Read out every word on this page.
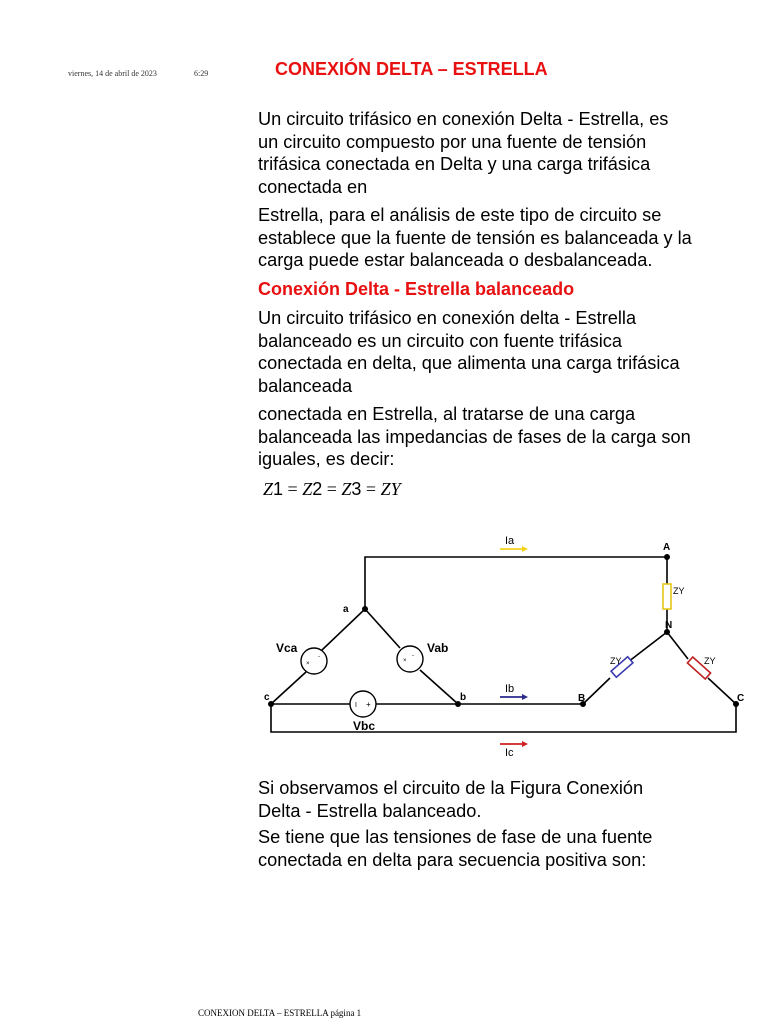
viernes, 14 de abril de 2023	6:29	CONEXIÓN DELTA – ESTRELLA
Un circuito trifásico en conexión Delta - Estrella, es
un circuito compuesto por una fuente de tensión
trifásica conectada en Delta y una carga trifásica
conectada en
Estrella, para el análisis de este tipo de circuito se
establece que la fuente de tensión es balanceada y la
carga puede estar balanceada o desbalanceada.
Conexión Delta - Estrella balanceado
Un circuito trifásico en conexión delta - Estrella
balanceado es un circuito con fuente trifásica
conectada en delta, que alimenta una carga trifásica
balanceada
conectada en Estrella, al tratarse de una carga
balanceada las impedancias de fases de la carga son
iguales, es decir:
Z1 = Z2 = Z3 = ZY
×
‑
×
‑
I +
Ia
Ib
Ic
A
N
B	C
a
c	b
Vca	Vab
Vbc
ZY
ZY	ZY

Si observamos el circuito de la Figura Conexión
Delta - Estrella balanceado.

Se tiene que las tensiones de fase de una fuente
conectada en delta para secuencia positiva son:

CONEXION DELTA – ESTRELLA página 1
